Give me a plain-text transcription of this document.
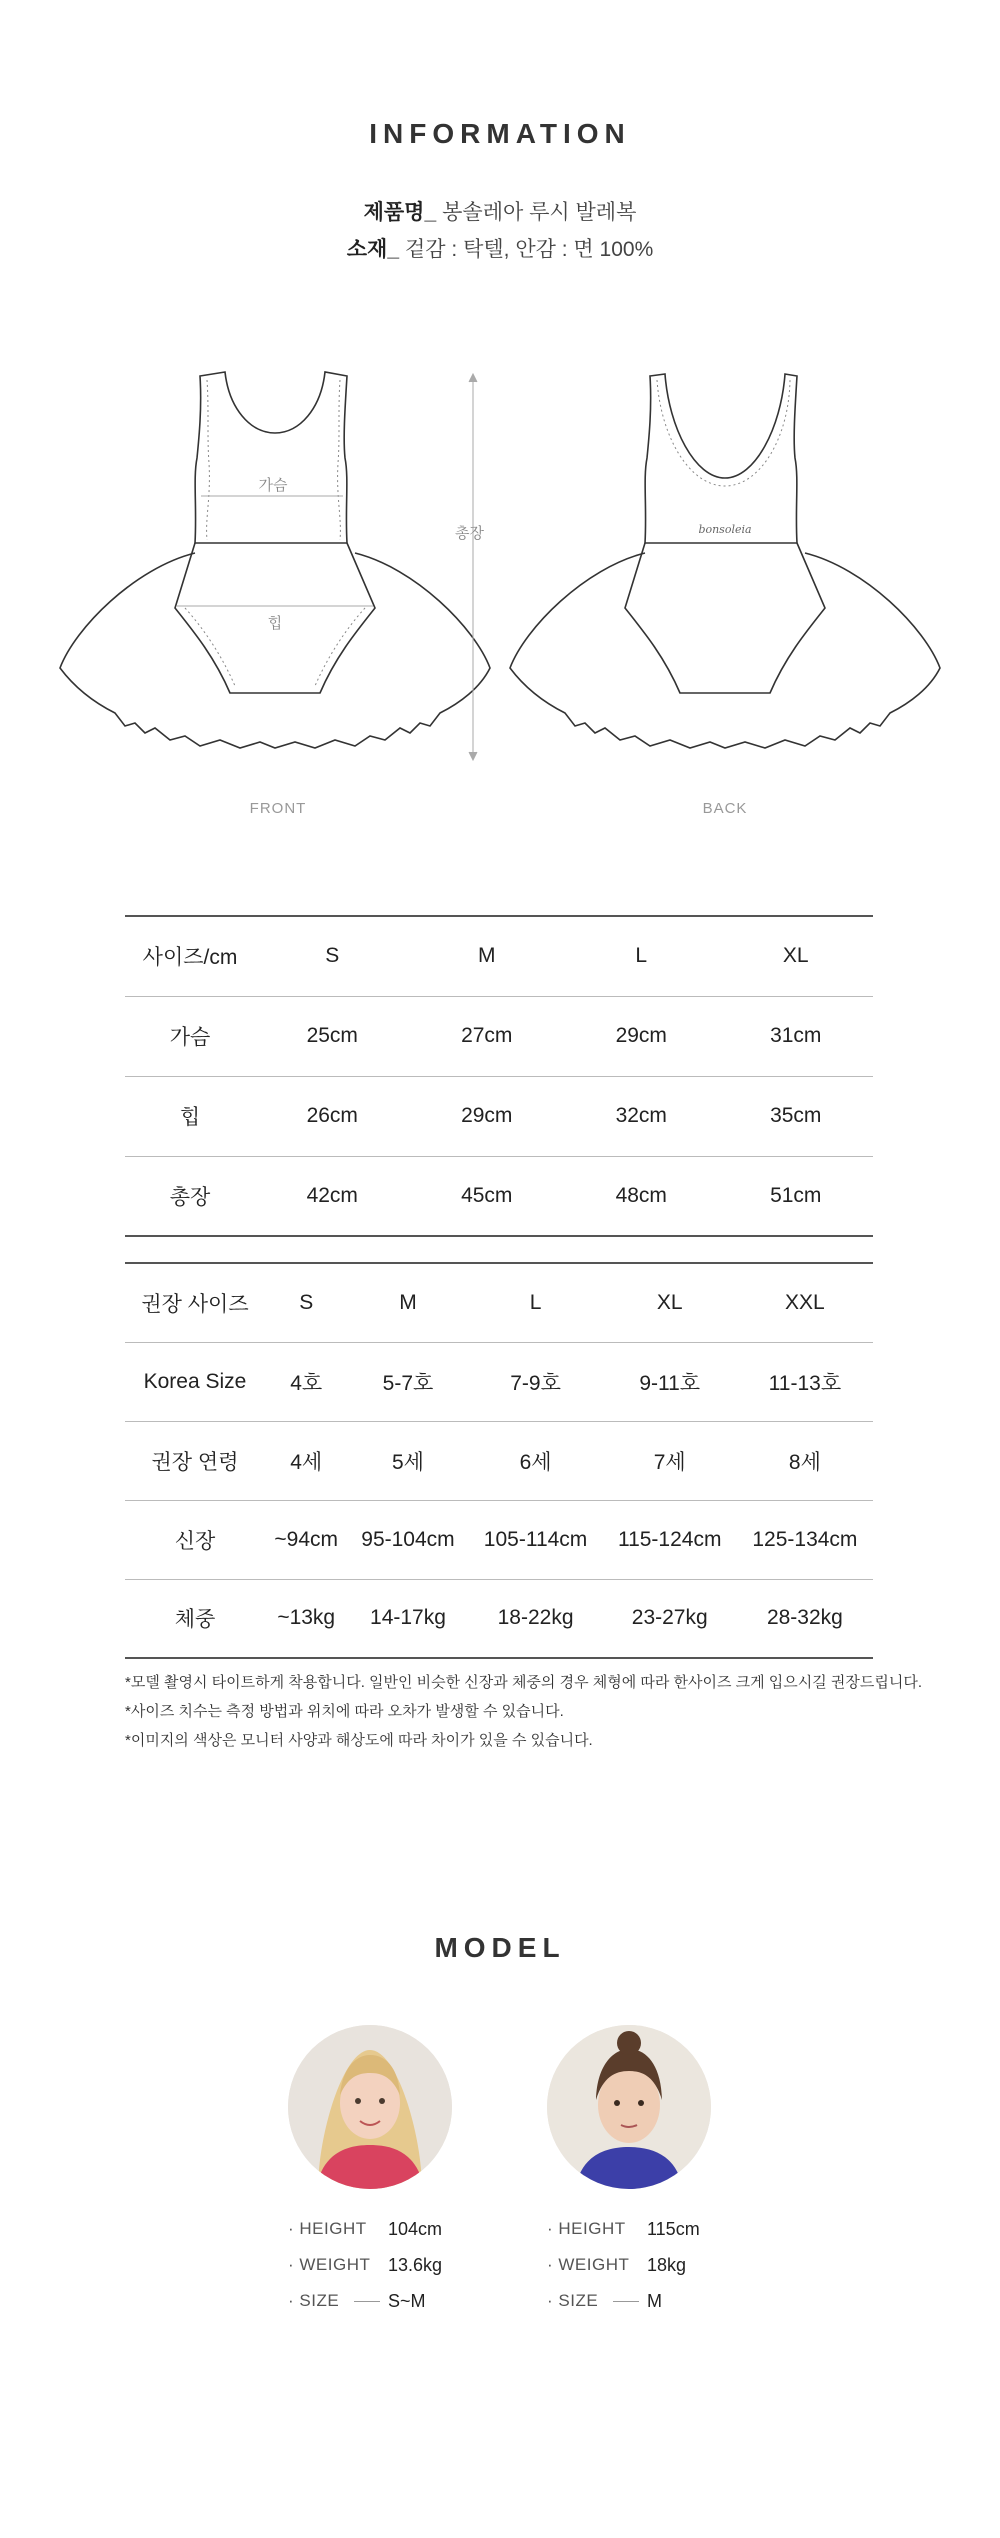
INFORMATION
제품명_ 봉솔레아 루시 발레복
소재_ 겉감 : 탁텔, 안감 : 면 100%
가슴
힙
총장	bonsoleia
FRONT	BACK
사이즈/cm	S	M	L	XL
가슴	25cm	27cm	29cm	31cm
힙	26cm	29cm	32cm	35cm
총장	42cm	45cm	48cm	51cm
권장 사이즈	S	M	L	XL	XXL
Korea Size	4호	5-7호	7-9호	9-11호	11-13호
권장 연령	4세	5세	6세	7세	8세
신장	~94cm	95-104cm	105-114cm	115-124cm	125-134cm
체중	~13kg	14-17kg	18-22kg	23-27kg	28-32kg
*모델 촬영시 타이트하게 착용합니다. 일반인 비슷한 신장과 체중의 경우 체형에 따라 한사이즈 크게 입으시길 권장드립니다.
*사이즈 치수는 측정 방법과 위치에 따라 오차가 발생할 수 있습니다.
*이미지의 색상은 모니터 사양과 해상도에 따라 차이가 있을 수 있습니다.
MODEL
· HEIGHT	104cm
· WEIGHT 13.6kg
· SIZE	S~M
· HEIGHT	115cm
· WEIGHT 18kg
· SIZE	M
